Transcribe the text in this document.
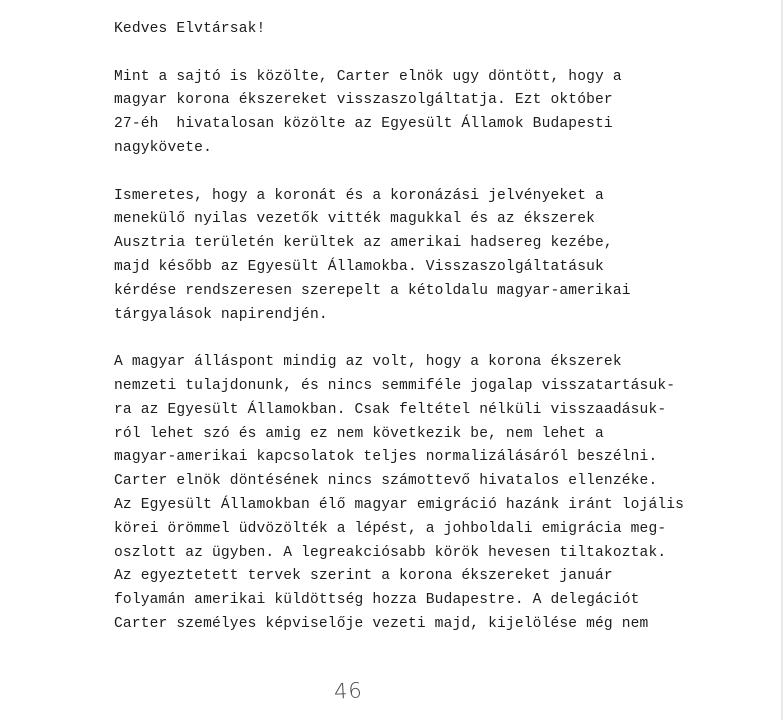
Kedves Elvtársak!

Mint a sajtó is közölte, Carter elnök ugy döntött, hogy a
magyar korona ékszereket visszaszolgáltatja. Ezt október
27-éh  hivatalosan közölte az Egyesült Államok Budapesti
nagykövete.

Ismeretes, hogy a koronát és a koronázási jelvényeket a
menekülő nyilas vezetők vitték magukkal és az ékszerek
Ausztria területén kerültek az amerikai hadsereg kezébe,
majd később az Egyesült Államokba. Visszaszolgáltatásuk
kérdése rendszeresen szerepelt a kétoldalu magyar-amerikai
tárgyalások napirendjén.

A magyar álláspont mindig az volt, hogy a korona ékszerek
nemzeti tulajdonunk, és nincs semmiféle jogalap visszatartásuk-
ra az Egyesült Államokban. Csak feltétel nélküli visszaadásuk-
ról lehet szó és amig ez nem következik be, nem lehet a
magyar-amerikai kapcsolatok teljes normalizálásáról beszélni.
Carter elnök döntésének nincs számottevő hivatalos ellenzéke.
Az Egyesült Államokban élő magyar emigráció hazánk iránt lojális
körei örömmel üdvözölték a lépést, a johboldali emigrácia meg-
oszlott az ügyben. A legreakciósabb körök hevesen tiltakoztak.
Az egyeztetett tervek szerint a korona ékszereket január
folyamán amerikai küldöttség hozza Budapestre. A delegációt
Carter személyes képviselője vezeti majd, kijelölése még nem

46
